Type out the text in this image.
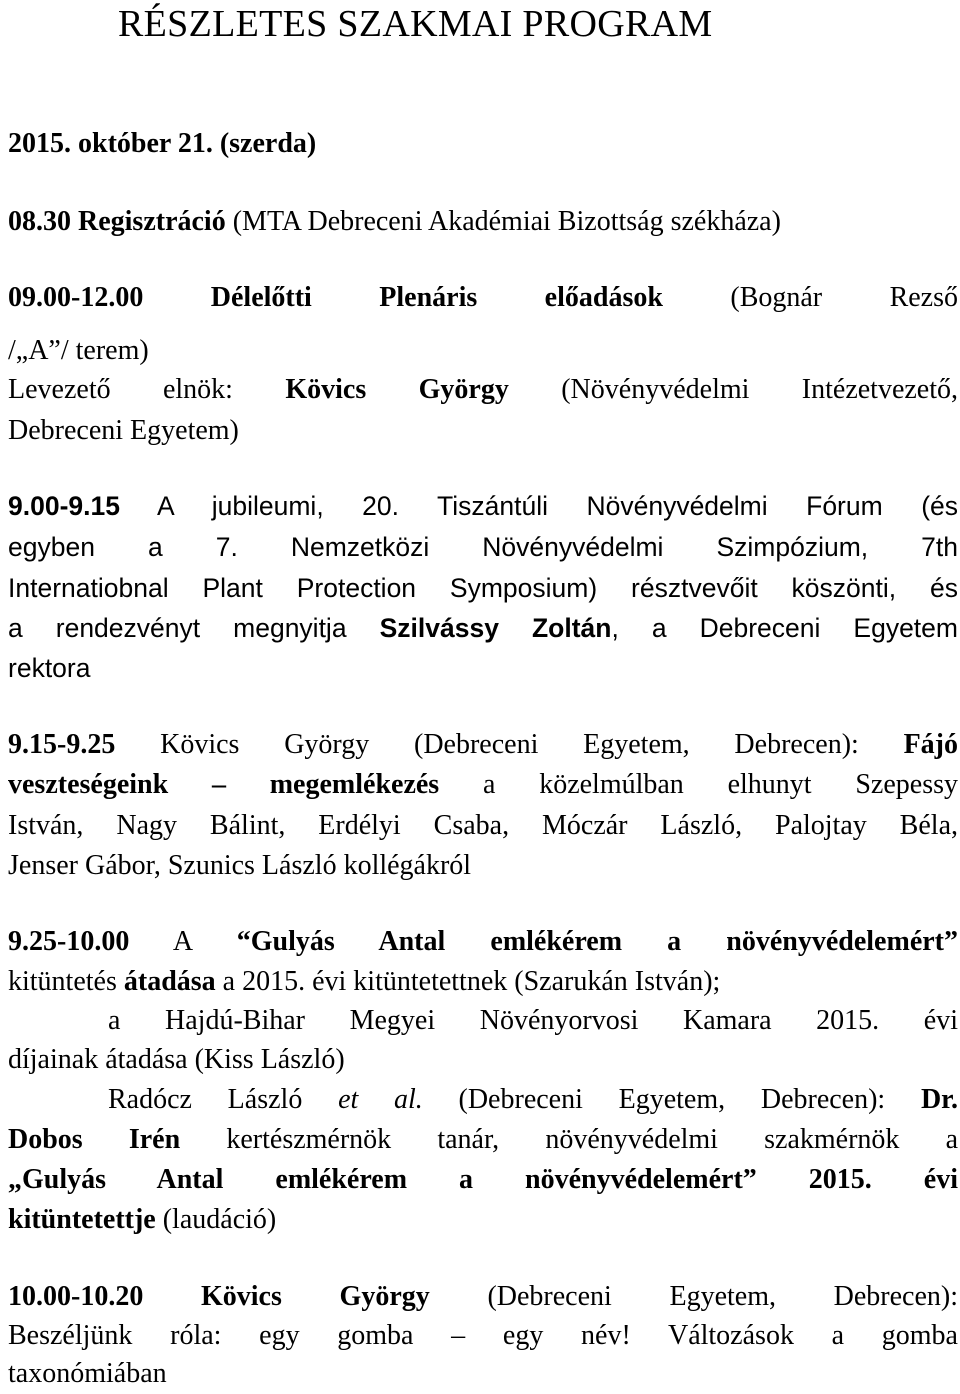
RÉSZLETES SZAKMAI PROGRAM
2015. október 21. (szerda)
08.30 Regisztráció (MTA Debreceni Akadémiai Bizottság székháza)
09.00-12.00 Délelőtti Plenáris előadások (Bognár Rezső
/„A”/ terem)
Levezető elnök: Kövics György (Növényvédelmi Intézetvezető,
Debreceni Egyetem)
9.00-9.15 A jubileumi, 20. Tiszántúli Növényvédelmi Fórum (és
egyben a 7. Nemzetközi Növényvédelmi Szimpózium, 7th
Internatiobnal Plant Protection Symposium) résztvevőit köszönti, és
a rendezvényt megnyitja Szilvássy Zoltán, a Debreceni Egyetem
rektora
9.15-9.25 Kövics György (Debreceni Egyetem, Debrecen): Fájó
veszteségeink – megemlékezés a közelmúlban elhunyt Szepessy
István, Nagy Bálint, Erdélyi Csaba, Móczár László, Palojtay Béla,
Jenser Gábor, Szunics László kollégákról
9.25-10.00 A “Gulyás Antal emlékérem a növényvédelemért”
kitüntetés átadása a 2015. évi kitüntetettnek (Szarukán István);
a Hajdú-Bihar Megyei Növényorvosi Kamara 2015. évi
díjainak átadása (Kiss László)
Radócz László et al. (Debreceni Egyetem, Debrecen): Dr.
Dobos Irén kertészmérnök tanár, növényvédelmi szakmérnök a
„Gulyás Antal emlékérem a növényvédelemért” 2015. évi
kitüntetettje (laudáció)
10.00-10.20 Kövics György (Debreceni Egyetem, Debrecen):
Beszéljünk róla: egy gomba – egy név! Változások a gomba
taxonómiában
